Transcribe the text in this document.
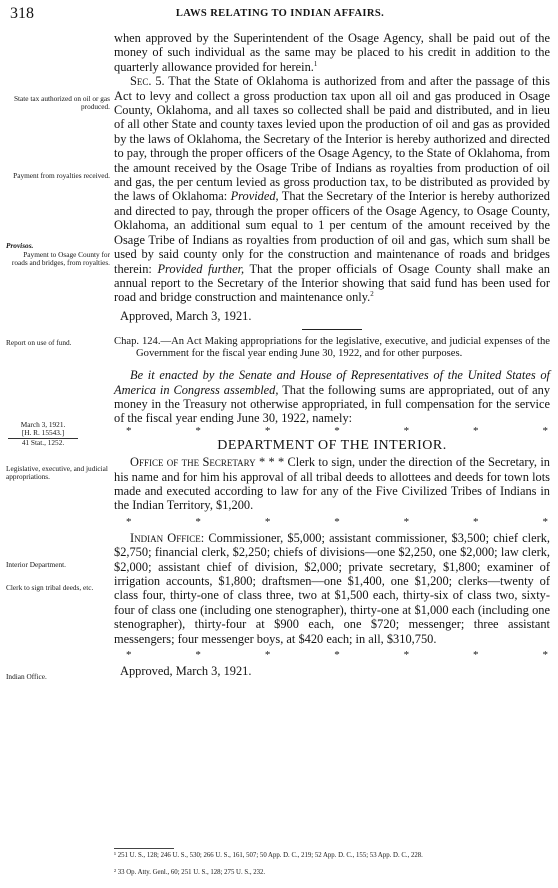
318	LAWS RELATING TO INDIAN AFFAIRS.
State tax authorized on oil or gas produced.
Payment from royalties received.
Provisos.
Payment to Osage County for roads and bridges, from royalties.
Report on use of fund.
March 3, 1921.
[H. R. 15543.]
41 Stat., 1252.
Legislative, executive, and judicial appropriations.
Interior Department.
Clerk to sign tribal deeds, etc.
Indian Office.

when approved by the Superintendent of the Osage Agency, shall be paid out of the money of such individual as the same may be placed to his credit in addition to the quarterly allowance provided for herein.$^1$

Sec. 5. That the State of Oklahoma is authorized from and after the passage of this Act to levy and collect a gross production tax upon all oil and gas produced in Osage County, Oklahoma, and all taxes so collected shall be paid and distributed, and in lieu of all other State and county taxes levied upon the production of oil and gas as provided by the laws of Oklahoma, the Secretary of the Interior is hereby authorized and directed to pay, through the proper officers of the Osage Agency, to the State of Oklahoma, from the amount received by the Osage Tribe of Indians as royalties from production of oil and gas, the per centum levied as gross production tax, to be distributed as provided by the laws of Oklahoma: Provided, That the Secretary of the Interior is hereby authorized and directed to pay, through the proper officers of the Osage Agency, to Osage County, Oklahoma, an additional sum equal to 1 per centum of the amount received by the Osage Tribe of Indians as royalties from production of oil and gas, which sum shall be used by said county only for the construction and maintenance of roads and bridges therein: Provided further, That the proper officials of Osage County shall make an annual report to the Secretary of the Interior showing that said fund has been used for road and bridge construction and maintenance only.$^2$

Approved, March 3, 1921.

Chap. 124.—An Act Making appropriations for the legislative, executive, and judicial expenses of the Government for the fiscal year ending June 30, 1922, and for other purposes.

Be it enacted by the Senate and House of Representatives of the United States of America in Congress assembled, That the following sums are appropriated, out of any money in the Treasury not otherwise appropriated, in full compensation for the service of the fiscal year ending June 30, 1922, namely:

*	*	*	*	*	*	*
DEPARTMENT OF THE INTERIOR.

Office of the Secretary * * * Clerk to sign, under the direction of the Secretary, in his name and for him his approval of all tribal deeds to allottees and deeds for town lots made and executed according to law for any of the Five Civilized Tribes of Indians in the Indian Territory, $1,200.

*	*	*	*	*	*	*

Indian Office: Commissioner, $5,000; assistant commissioner, $3,500; chief clerk, $2,750; financial clerk, $2,250; chiefs of divisions—one $2,250, one $2,000; law clerk, $2,000; assistant chief of division, $2,000; private secretary, $1,800; examiner of irrigation accounts, $1,800; draftsmen—one $1,400, one $1,200; clerks—twenty of class four, thirty-one of class three, two at $1,500 each, thirty-six of class two, sixty-four of class one (including one stenographer), thirty-one at $1,000 each (including one stenographer), thirty-four at $900 each, one $720; messenger; three assistant messengers; four messenger boys, at $420 each; in all, $310,750.

*	*	*	*	*	*	*

Approved, March 3, 1921.

¹ 251 U. S., 128; 246 U. S., 530; 266 U. S., 161, 507; 50 App. D. C., 219; 52 App. D. C., 155; 53 App. D. C., 228.
² 33 Op. Atty. Genl., 60; 251 U. S., 128; 275 U. S., 232.
